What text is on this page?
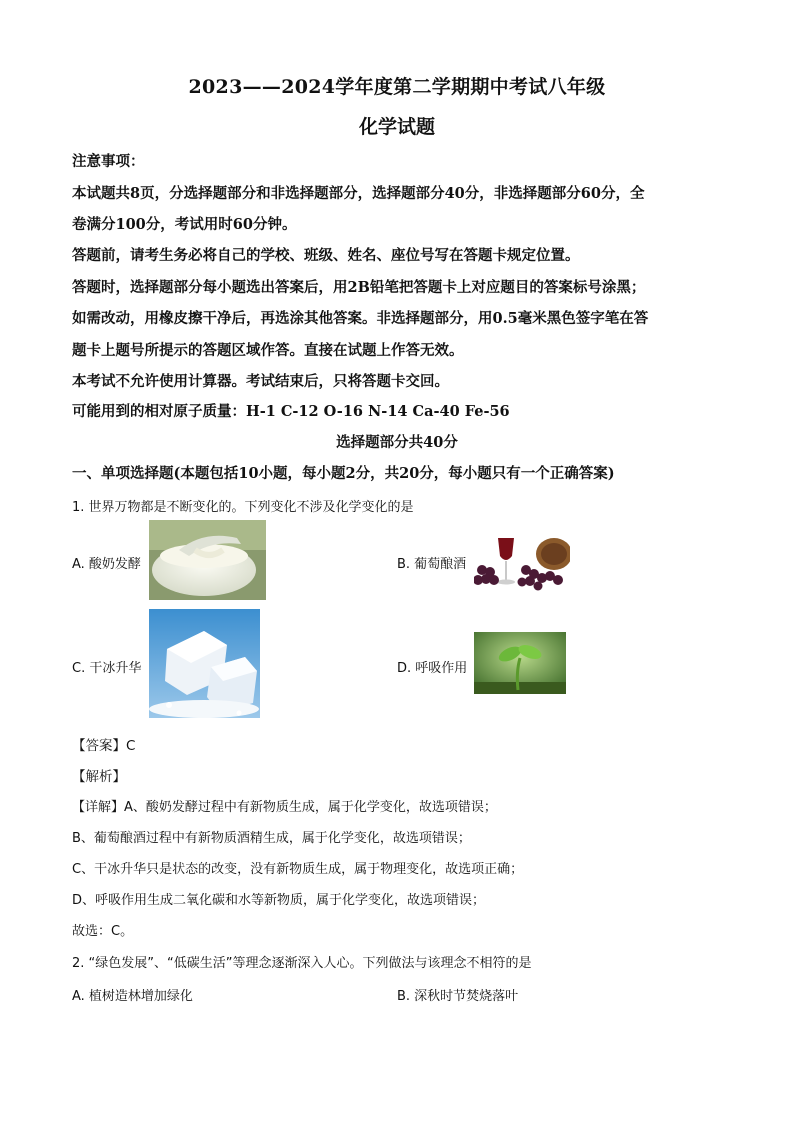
2023——2024学年度第二学期期中考试八年级
化学试题
注意事项：
本试题共8页，分选择题部分和非选择题部分，选择题部分40分，非选择题部分60分，全
卷满分100分，考试用时60分钟。
答题前，请考生务必将自己的学校、班级、姓名、座位号写在答题卡规定位置。
答题时，选择题部分每小题选出答案后，用2B铅笔把答题卡上对应题目的答案标号涂黑；
如需改动，用橡皮擦干净后，再选涂其他答案。非选择题部分，用0.5毫米黑色签字笔在答
题卡上题号所提示的答题区域作答。直接在试题上作答无效。
本考试不允许使用计算器。考试结束后，只将答题卡交回。
可能用到的相对原子质量：H-1 C-12 O-16 N-14 Ca-40 Fe-56
选择题部分共40分
一、单项选择题(本题包括10小题，每小题2分，共20分，每小题只有一个正确答案)
1. 世界万物都是不断变化的。下列变化不涉及化学变化的是
A. 酸奶发酵	B. 葡萄酿酒
C. 干冰升华	D. 呼吸作用
【答案】C
【解析】
【详解】A、酸奶发酵过程中有新物质生成，属于化学变化，故选项错误；
B、葡萄酿酒过程中有新物质酒精生成，属于化学变化，故选项错误；
C、干冰升华只是状态的改变，没有新物质生成，属于物理变化，故选项正确；
D、呼吸作用生成二氧化碳和水等新物质，属于化学变化，故选项错误；
故选：C。
2. “绿色发展”、“低碳生活”等理念逐渐深入人心。下列做法与该理念不相符的是
A. 植树造林增加绿化	B. 深秋时节焚烧落叶
